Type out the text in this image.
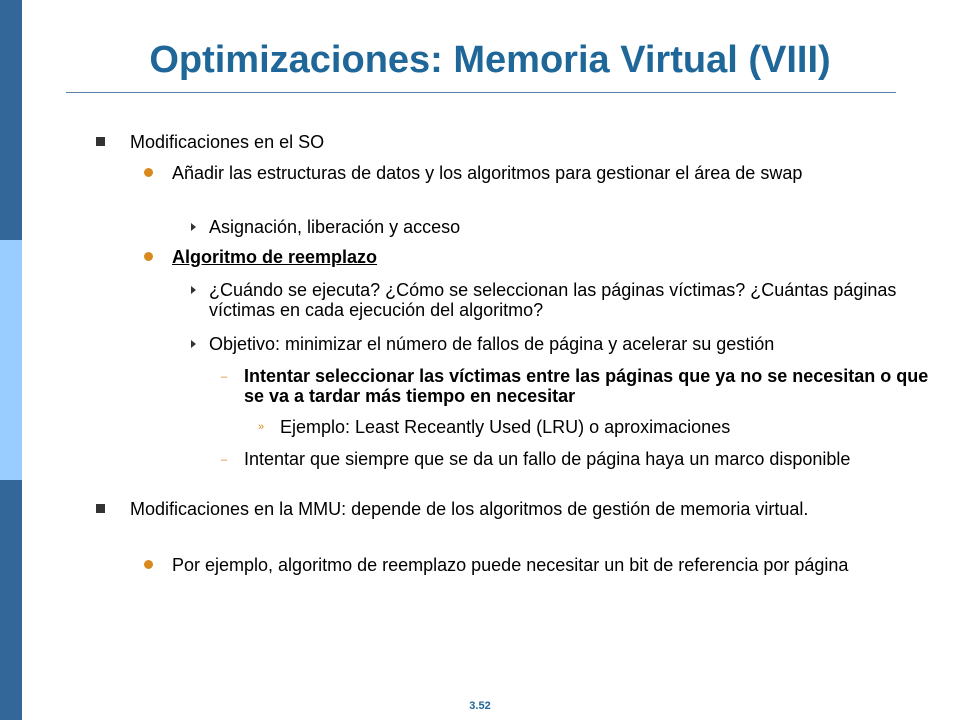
Optimizaciones: Memoria Virtual (VIII)
Modificaciones en el SO
Añadir las estructuras de datos y los algoritmos para gestionar el área de swap
Asignación, liberación y acceso
Algoritmo de reemplazo
¿Cuándo se ejecuta? ¿Cómo se seleccionan las páginas víctimas? ¿Cuántas páginas víctimas en cada ejecución del algoritmo?
Objetivo: minimizar el número de fallos de página y acelerar su gestión
– Intentar seleccionar las víctimas entre las páginas que ya no se necesitan o que se va a tardar más tiempo en necesitar
» Ejemplo: Least Receantly Used (LRU) o aproximaciones
– Intentar que siempre que se da un fallo de página haya un marco disponible
Modificaciones en la MMU: depende de los algoritmos de gestión de memoria virtual.
Por ejemplo, algoritmo de reemplazo puede necesitar un bit de referencia por página
3.52
